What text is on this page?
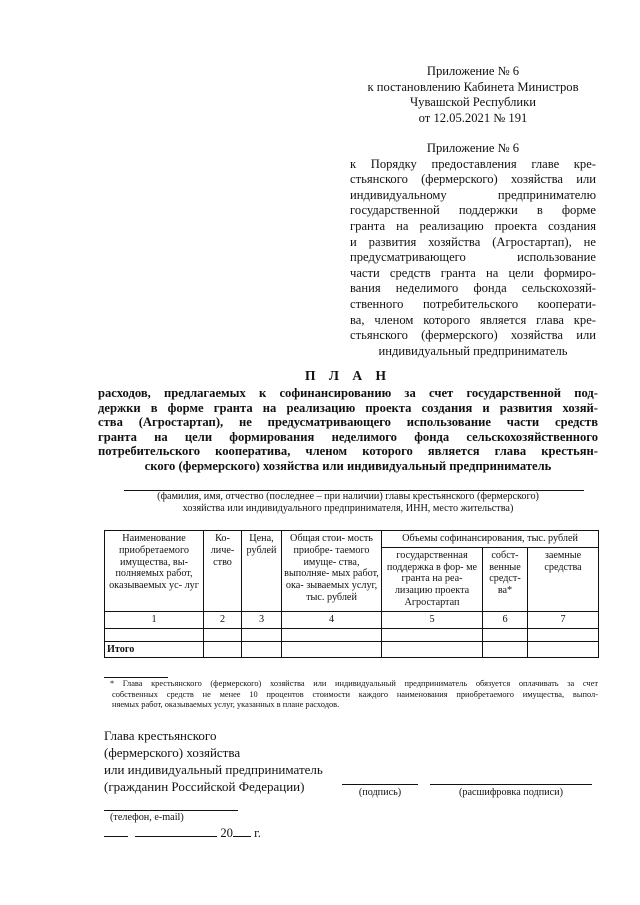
Приложение № 6
к постановлению Кабинета Министров
Чувашской Республики
от 12.05.2021 № 191
Приложение № 6
к Порядку предоставления главе кре-
стьянского (фермерского) хозяйства или
индивидуальному предпринимателю
государственной поддержки в форме
гранта на реализацию проекта создания
и развития хозяйства (Агростартап), не
предусматривающего использование
части средств гранта на цели формиро-
вания неделимого фонда сельскохозяй-
ственного потребительского кооперати-
ва, членом которого является глава кре-
стьянского (фермерского) хозяйства или
индивидуальный предприниматель
П Л А Н
расходов, предлагаемых к софинансированию за счет государственной под-
держки в форме гранта на реализацию проекта создания и развития хозяй-
ства (Агростартап), не предусматривающего использование части средств
гранта на цели формирования неделимого фонда сельскохозяйственного
потребительского кооператива, членом которого является глава крестьян-
ского (фермерского) хозяйства или индивидуальный предприниматель
(фамилия, имя, отчество (последнее – при наличии) главы крестьянского (фермерского)
хозяйства или индивидуального предпринимателя, ИНН, место жительства)
Наименование приобретаемого имущества, вы- полняемых работ, оказываемых ус- луг	Ко- личе- ство	Цена, рублей	Общая стои- мость приобре- таемого имуще- ства, выполняе- мых работ, ока- зываемых услуг, тыс. рублей	Объемы софинансирования, тыс. рублей		
				государственная поддержка в фор- ме гранта на реа- лизацию проекта Агростартап	собст- венные средст- ва*	заемные средства
1	2	3	4	5	6	7

Итого						
* Глава крестьянского (фермерского) хозяйства или индивидуальный предприниматель обязуется оплачивать за счет
собственных средств не менее 10 процентов стоимости каждого наименования приобретаемого имущества, выпол-
няемых работ, оказываемых услуг, указанных в плане расходов.
Глава крестьянского
(фермерского) хозяйства
или индивидуальный предприниматель
(гражданин Российской Федерации)	(подпись)	(расшифровка подписи)
(телефон, e-mail)
20 г.
